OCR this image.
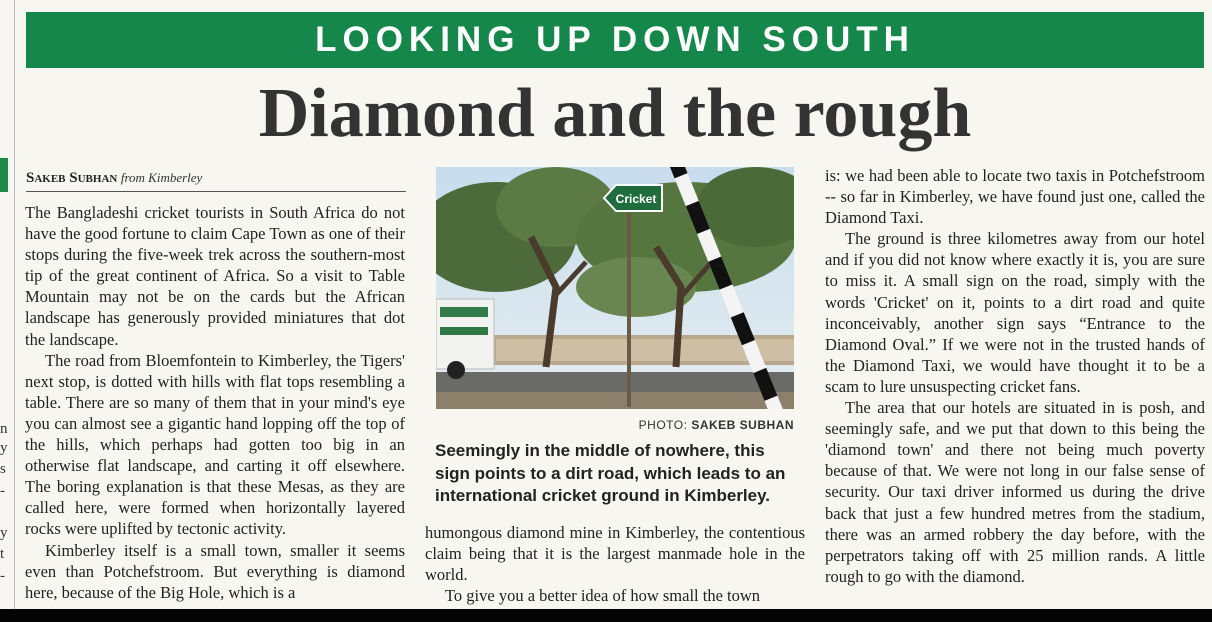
n
y
s
-
y
t
-
LOOKING UP DOWN SOUTH
Diamond and the rough
Sakeb Subhan from Kimberley

The Bangladeshi cricket tourists in South Africa do not have the good fortune to claim Cape Town as one of their stops during the five-week trek across the southern-most tip of the great continent of Africa. So a visit to Table Mountain may not be on the cards but the African landscape has generously provided miniatures that dot the landscape.

The road from Bloemfontein to Kimberley, the Tigers' next stop, is dotted with hills with flat tops resembling a table. There are so many of them that in your mind's eye you can almost see a gigantic hand lopping off the top of the hills, which perhaps had gotten too big in an otherwise flat landscape, and carting it off elsewhere. The boring explanation is that these Mesas, as they are called here, were formed when horizontally layered rocks were uplifted by tectonic activity.

Kimberley itself is a small town, smaller it seems even than Potchefstroom. But everything is diamond here, because of the Big Hole, which is a

Cricket
PHOTO: SAKEB SUBHAN
Seemingly in the middle of nowhere, this sign points to a dirt road, which leads to an international cricket ground in Kimberley.

humongous diamond mine in Kimberley, the contentious claim being that it is the largest manmade hole in the world.

To give you a better idea of how small the town

is: we had been able to locate two taxis in Potchefstroom -- so far in Kimberley, we have found just one, called the Diamond Taxi.

The ground is three kilometres away from our hotel and if you did not know where exactly it is, you are sure to miss it. A small sign on the road, simply with the words 'Cricket' on it, points to a dirt road and quite inconceivably, another sign says “Entrance to the Diamond Oval.” If we were not in the trusted hands of the Diamond Taxi, we would have thought it to be a scam to lure unsuspecting cricket fans.

The area that our hotels are situated in is posh, and seemingly safe, and we put that down to this being the 'diamond town' and there not being much poverty because of that. We were not long in our false sense of security. Our taxi driver informed us during the drive back that just a few hundred metres from the stadium, there was an armed robbery the day before, with the perpetrators taking off with 25 million rands. A little rough to go with the diamond.
